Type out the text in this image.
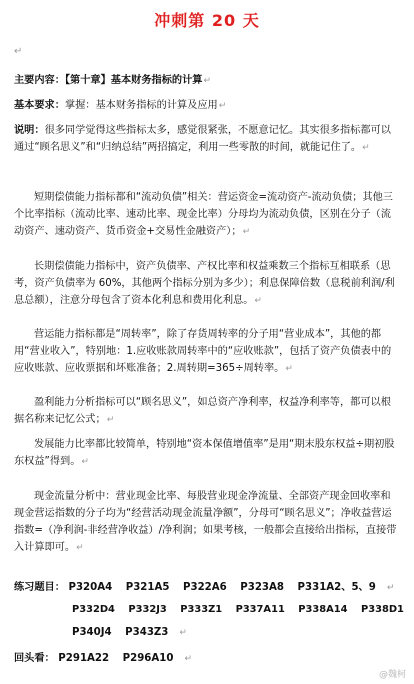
冲刺第 20 天
↵
主要内容：【第十章】基本财务指标的计算↵
基本要求：掌握：基本财务指标的计算及应用↵
说明：很多同学觉得这些指标太多，感觉很紧张，不愿意记忆。其实很多指标都可以通过“顾名思义”和“归纳总结”两招搞定，利用一些零散的时间，就能记住了。↵
短期偿债能力指标都和“流动负债”相关：营运资金=流动资产-流动负债；其他三个比率指标（流动比率、速动比率、现金比率）分母均为流动负债，区别在分子（流动资产、速动资产、货币资金+交易性金融资产）；↵
长期偿债能力指标中，资产负债率、产权比率和权益乘数三个指标互相联系（思考，资产负债率为 60%，其他两个指标分别为多少）；利息保障倍数（息税前利润/利息总额），注意分母包含了资本化利息和费用化利息。↵
营运能力指标都是“周转率”，除了存货周转率的分子用“营业成本”，其他的都用“营业收入”，特别地：1.应收账款周转率中的“应收账款”，包括了资产负债表中的应收账款、应收票据和坏账准备；2.周转期=365÷周转率。↵
盈利能力分析指标可以“顾名思义”，如总资产净利率，权益净利率等，都可以根据名称来记忆公式；↵
发展能力比率都比较简单，特别地“资本保值增值率”是用“期末股东权益÷期初股东权益”得到。↵
现金流量分析中：营业现金比率、每股营业现金净流量、全部资产现金回收率和现金营运指数的分子均为“经营活动现金流量净额”，分母可“顾名思义”；净收益营运指数=（净利润-非经营净收益）/净利润；如果考核，一般都会直接给出指标，直接带入计算即可。↵
练习题目： P320A4 P321A5 P322A6 P323A8 P331A2、5、9 ↵
P332D4 P332J3 P333Z1 P337A11 P338A14 P338D1
P340J4 P343Z3 ↵
回头看： P291A22 P296A10 ↵
@魏柯
